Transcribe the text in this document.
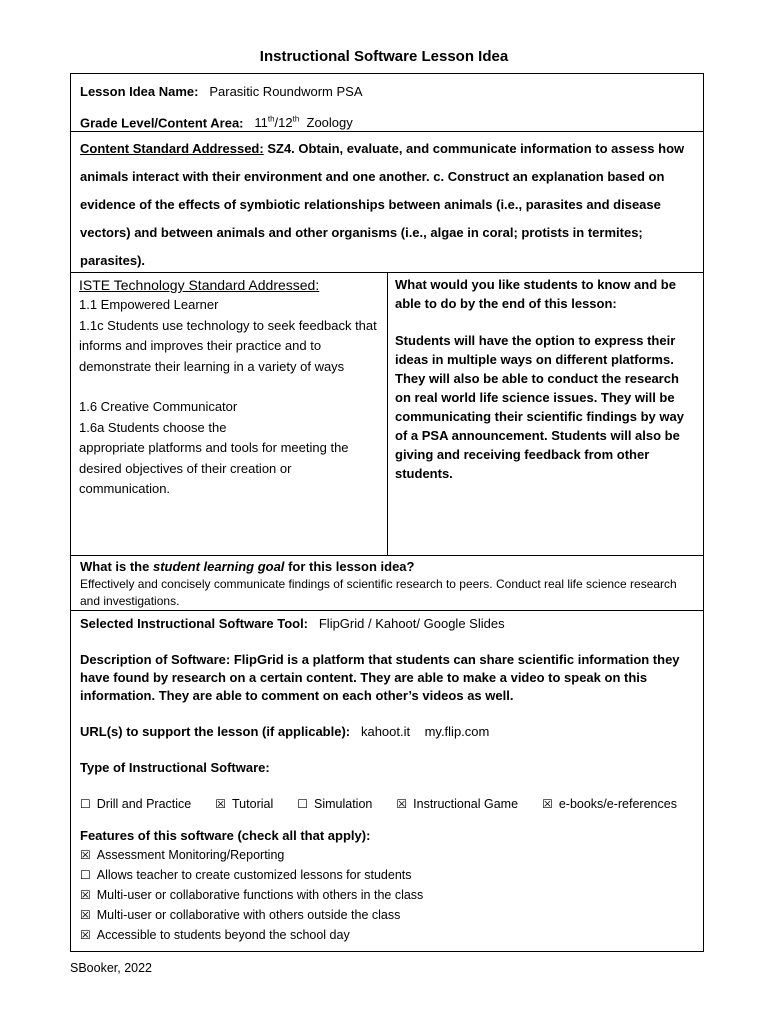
Instructional Software Lesson Idea
Lesson Idea Name: Parasitic Roundworm PSA
Grade Level/Content Area: 11th/12th Zoology
Content Standard Addressed: SZ4. Obtain, evaluate, and communicate information to assess how animals interact with their environment and one another. c. Construct an explanation based on evidence of the effects of symbiotic relationships between animals (i.e., parasites and disease vectors) and between animals and other organisms (i.e., algae in coral; protists in termites; parasites).
ISTE Technology Standard Addressed:
1.1 Empowered Learner
1.1c Students use technology to seek feedback that informs and improves their practice and to demonstrate their learning in a variety of ways
1.6 Creative Communicator
1.6a Students choose the
appropriate platforms and tools for meeting the desired objectives of their creation or communication.
What would you like students to know and be able to do by the end of this lesson:
Students will have the option to express their ideas in multiple ways on different platforms. They will also be able to conduct the research on real world life science issues. They will be communicating their scientific findings by way of a PSA announcement. Students will also be giving and receiving feedback from other students.
What is the student learning goal for this lesson idea?
Effectively and concisely communicate findings of scientific research to peers. Conduct real life science research and investigations.
Selected Instructional Software Tool: FlipGrid / Kahoot/ Google Slides
Description of Software: FlipGrid is a platform that students can share scientific information they have found by research on a certain content. They are able to make a video to speak on this information. They are able to comment on each other’s videos as well.
URL(s) to support the lesson (if applicable): kahoot.it my.flip.com
Type of Instructional Software:
☐ Drill and Practice ☒ Tutorial ☐ Simulation ☒ Instructional Game ☒ e-books/e-references
Features of this software (check all that apply):
☒ Assessment Monitoring/Reporting
☐ Allows teacher to create customized lessons for students
☒ Multi-user or collaborative functions with others in the class
☒ Multi-user or collaborative with others outside the class
☒ Accessible to students beyond the school day
SBooker, 2022
